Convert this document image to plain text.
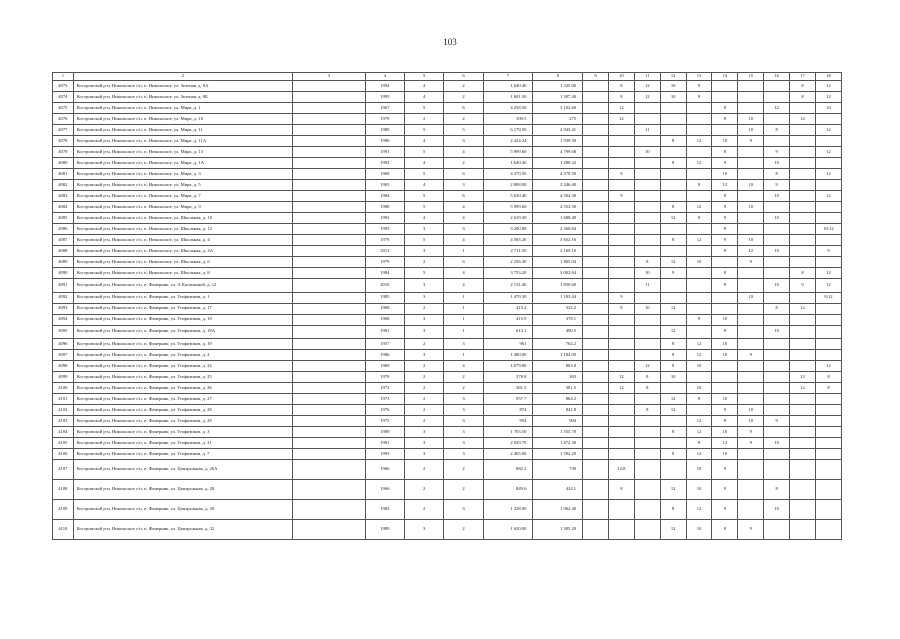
103
1	2	3	4	5	6	7	8	9	10	11	12	13	14	15	16	17	18
4073	Костромской р-н, Никольское с/п, п. Никольское, ул. Зеленая, д. 8А		1994	4	2	1 640.40	1 325.00		8	12	10	9				8	12
4074	Костромской р-н, Никольское с/п, п. Никольское, ул. Зеленая, д. 8Б		1995	4	2	1 601.30	1 307.40		8	12	10	9				8	12
4075	Костромской р-н, Никольское с/п, п. Никольское, ул. Мира, д. 1		1967	5	6	4 258.50	3 102.60		12				8		12		10
4076	Костромской р-н, Никольское с/п, п. Никольское, ул. Мира, д. 10		1979	2	2	390.5	275		12				8	10		12	
4077	Костромской р-н, Никольское с/п, п. Никольское, ул. Мира, д. 11		1989	5	5	6 179.50	4 943.41			11				10	8		12
4078	Костромской р-н, Никольское с/п, п. Никольское, ул. Мира, д. 11А		1996	4	3	2 424.24	1 939.39				8	12	10	9			
4079	Костромской р-н, Никольское с/п, п. Никольское, ул. Мира, д. 13		1991	5	4	5 999.60	4 799.68			10			8		9		12
4080	Костромской р-н, Никольское с/п, п. Никольское, ул. Мира, д. 1А		1992	4	2	1 640.40	1 280.32				8	12	9		10		
4081	Костромской р-н, Никольское с/п, п. Никольское, ул. Мира, д. 3		1968	5	6	4 379.50	4 379.50		9				10		8		12
4082	Костромской р-н, Никольское с/п, п. Никольское, ул. Мира, д. 5		1965	4	3	2 808.00	2 246.40					8	12	10	9		
4083	Костромской р-н, Никольское с/п, п. Никольское, ул. Мира, д. 7		1984	5	6	5 630.40	4 504.30		9				8		10		12
4084	Костромской р-н, Никольское с/п, п. Никольское, ул. Мира, д. 9		1988	5	4	5 999.60	4 553.50				8	12	9	10			
4085	Костромской р-н, Никольское с/п, п. Никольское, ул. Школьная, д. 10		1992	4	4	2 619.30	1 688.40				12	8	9		10		
4086	Костромской р-н, Никольское с/п, п. Никольское, ул. Школьная, д. 12		1995	3	3	3 200.80	2 560.64						8				10;12
4087	Костромской р-н, Никольское с/п, п. Никольское, ул. Школьная, д. 4		1979	5	4	4 565.20	3 652.16				8	12	9	10			
4088	Костромской р-н, Никольское с/п, п. Никольское, ул. Школьная, д. 4А		2011	3	1	2 711.50	2 169.10						8	12	10		9
4089	Костромской р-н, Никольское с/п, п. Никольское, ул. Школьная, д. 6		1979	2	6	2 256.30	1 805.04			8	12	10		9			
4090	Костромской р-н, Никольское с/п, п. Никольское, ул. Школьная, д. 8		1984	5	4	3 753.20	3 002.64			10	9		8			8	12
4091	Костромской р-н, Никольское с/п, п. Фанерник, ул. А.Касаткиной, д. 12		2010	3	4	2 131.40	1 830.60			11			8		10	9	12
4092	Костромской р-н, Никольское с/п, п. Фанерник, ул. Геофизиков, д. 1		1985	3	1	1 479.30	1 183.44		9					10			8;12
4093	Костромской р-н, Никольское с/п, п. Фанерник, ул. Геофизиков, д. 17		1968	2	1	415.2	332.2		8	10	12				8	12	
4094	Костромской р-н, Никольское с/п, п. Фанерник, ул. Геофизиков, д. 18		1968	3	1	415.9	378.1					8	10				
4095	Костромской р-н, Никольское с/п, п. Фанерник, ул. Геофизиков, д. 18А		1981	3	1	613.1	490.5				12		8		10		
4096	Костромской р-н, Никольское с/п, п. Фанерник, ул. Геофизиков, д. 19		1957	2	3	961	762.2				8	12	10				
4097	Костромской р-н, Никольское с/п, п. Фанерник, ул. Геофизиков, д. 2		1986	3	1	1 480.00	1 184.00				8	12	10	9			
4098	Костромской р-н, Никольское с/п, п. Фанерник, ул. Геофизиков, д. 24		1969	2	4	1 079.80	863.8			12	8	10					12
4099	Костромской р-н, Никольское с/п, п. Фанерник, ул. Геофизиков, д. 25		1970	2	2	378.8	303		12	8	10					12	8
4100	Костромской р-н, Никольское с/п, п. Фанерник, ул. Геофизиков, д. 26		1972	2	2	381.5	381.5		12	8		10				12	8
4101	Костромской р-н, Никольское с/п, п. Фанерник, ул. Геофизиков, д. 27		1973	2	3	957.7	864.2				12	8	10				
4102	Костромской р-н, Никольское с/п, п. Фанерник, ул. Геофизиков, д. 28		1976	2	3	874	841.8			8	12		9	10			
4103	Костромской р-н, Никольское с/п, п. Фанерник, ул. Геофизиков, д. 29		1975	2	3	954	904					12	8	10	9		
4104	Костромской р-н, Никольское с/п, п. Фанерник, ул. Геофизиков, д. 3		1989	3	3	1 703.50	1 555.70				8	12	10	9			
4105	Костромской р-н, Никольское с/п, п. Фанерник, ул. Геофизиков, д. 31		1981	3	3	2 029.70	1 672.30					8	12	9	10		
4106	Костромской р-н, Никольское с/п, п. Фанерник, ул. Геофизиков, д. 7		1993	3	3	2 405.00	1 592.20				8	12	10				
4107	Костромской р-н, Никольское с/п, п. Фанерник, ул. Центральная, д. 26А		1966	2	2	882.2	739		12;8			10	9				
4108	Костромской р-н, Никольское с/п, п. Фанерник, ул. Центральная, д. 28		1966	2	2	849.6	424.1		8		12	10	9		8		
4109	Костромской р-н, Никольское с/п, п. Фанерник, ул. Центральная, д. 30		1982	2	3	1 328.00	1 062.40				8	12	9		10		
4110	Костромской р-н, Никольское с/п, п. Фанерник, ул. Центральная, д. 32		1989	3	2	1 620.00	1 305.20				12	10	8	9			
